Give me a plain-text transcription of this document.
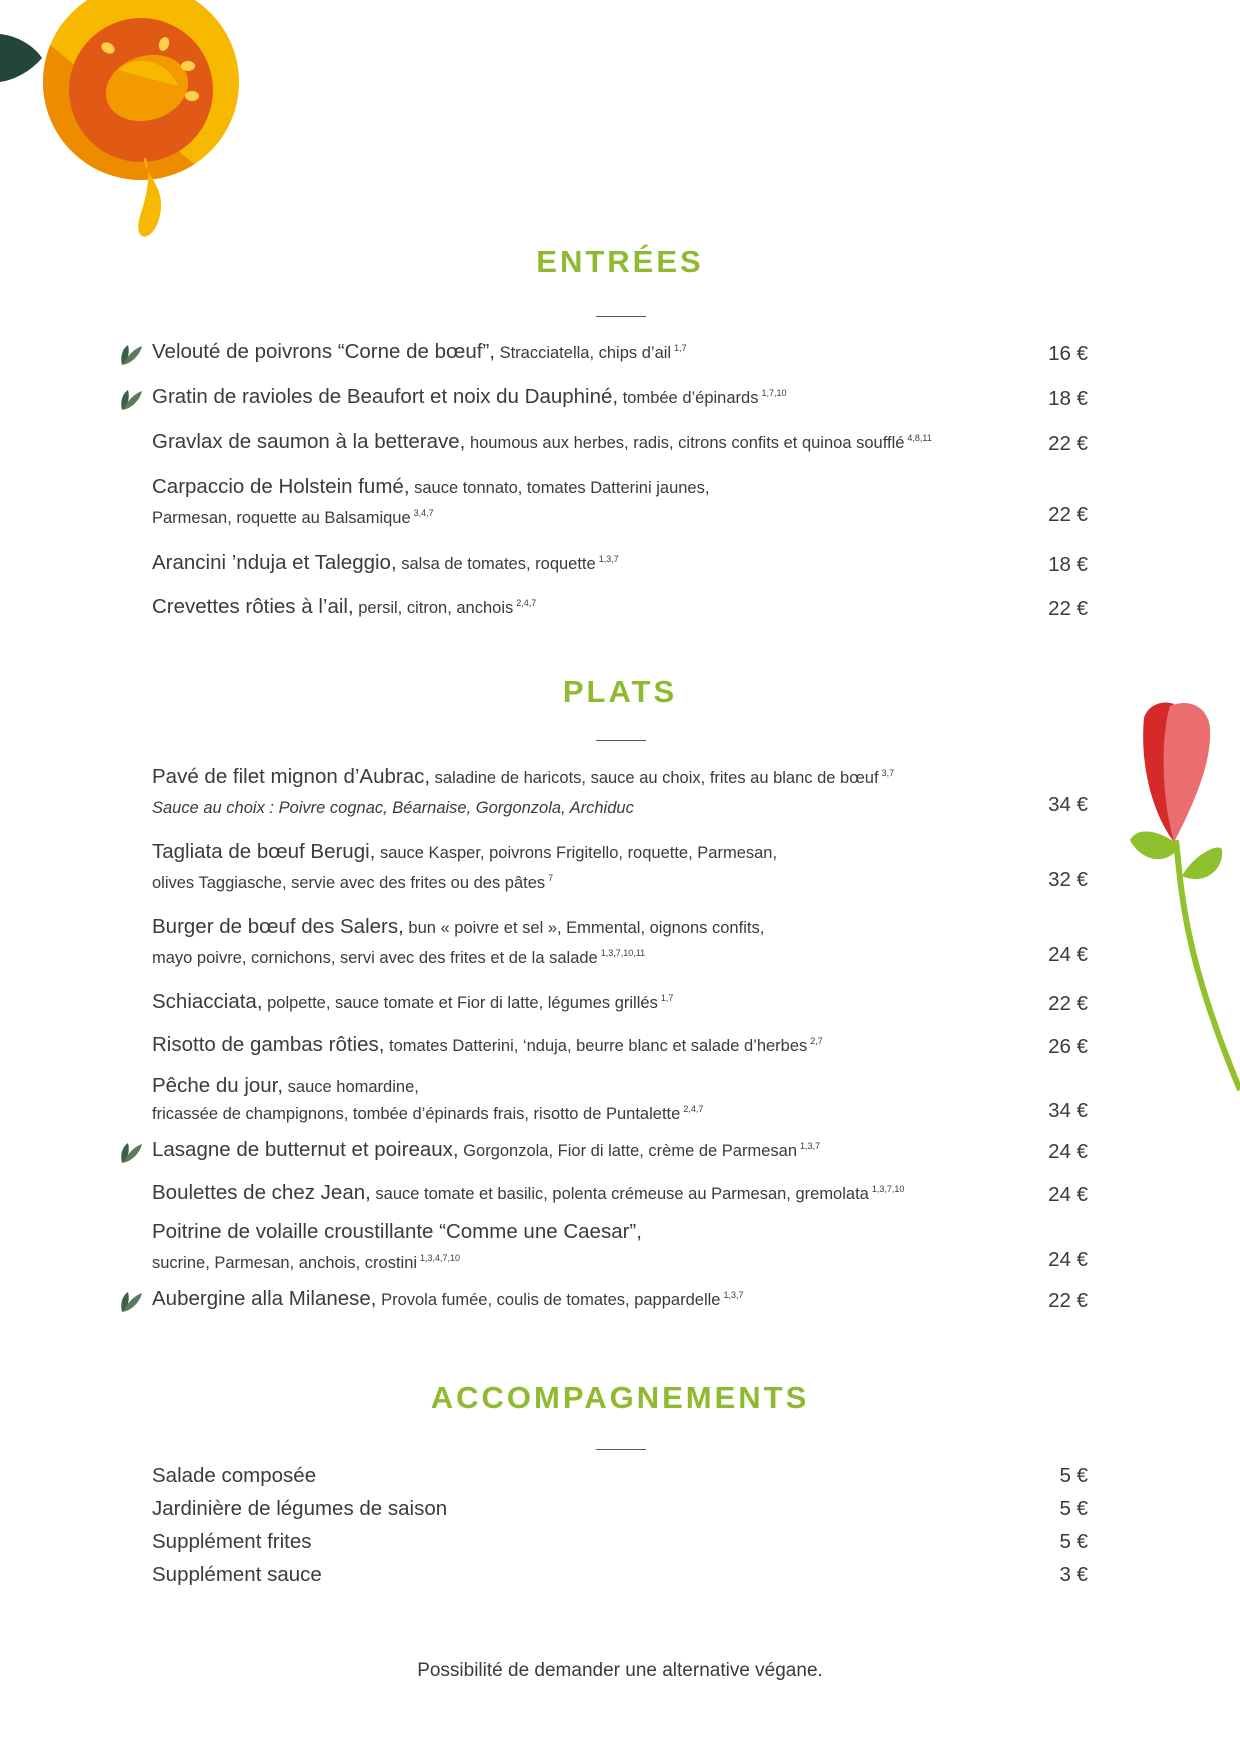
ENTRÉES
Velouté de poivrons “Corne de bœuf”, Stracciatella, chips d’ail $^{1,7}$	16 €
Gratin de ravioles de Beaufort et noix du Dauphiné, tombée d’épinards $^{1,7,10}$	18 €
Gravlax de saumon à la betterave, houmous aux herbes, radis, citrons confits et quinoa soufflé $^{4,8,11}$	22 €
Carpaccio de Holstein fumé, sauce tonnato, tomates Datterini jaunes,
Parmesan, roquette au Balsamique $^{3,4,7}$	22 €
Arancini ’nduja et Taleggio, salsa de tomates, roquette $^{1,3,7}$	18 €
Crevettes rôties à l’ail, persil, citron, anchois $^{2,4,7}$	22 €
PLATS
Pavé de filet mignon d’Aubrac, saladine de haricots, sauce au choix, frites au blanc de bœuf $^{3,7}$
Sauce au choix : Poivre cognac, Béarnaise, Gorgonzola, Archiduc	34 €
Tagliata de bœuf Berugi, sauce Kasper, poivrons Frigitello, roquette, Parmesan,
olives Taggiasche, servie avec des frites ou des pâtes $^7$	32 €
Burger de bœuf des Salers, bun « poivre et sel », Emmental, oignons confits,
mayo poivre, cornichons, servi avec des frites et de la salade $^{1,3,7,10,11}$	24 €
Schiacciata, polpette, sauce tomate et Fior di latte, légumes grillés $^{1,7}$	22 €
Risotto de gambas rôties, tomates Datterini, ‘nduja, beurre blanc et salade d’herbes $^{2,7}$	26 €
Pêche du jour, sauce homardine,
fricassée de champignons, tombée d’épinards frais, risotto de Puntalette $^{2,4,7}$	34 €
Lasagne de butternut et poireaux, Gorgonzola, Fior di latte, crème de Parmesan $^{1,3,7}$	24 €
Boulettes de chez Jean, sauce tomate et basilic, polenta crémeuse au Parmesan, gremolata $^{1,3,7,10}$	24 €
Poitrine de volaille croustillante “Comme une Caesar”,
sucrine, Parmesan, anchois, crostini $^{1,3,4,7,10}$	24 €
Aubergine alla Milanese, Provola fumée, coulis de tomates, pappardelle $^{1,3,7}$	22 €
ACCOMPAGNEMENTS
Salade composée	5 €
Jardinière de légumes de saison	5 €
Supplément frites	5 €
Supplément sauce	3 €
Possibilité de demander une alternative végane.
